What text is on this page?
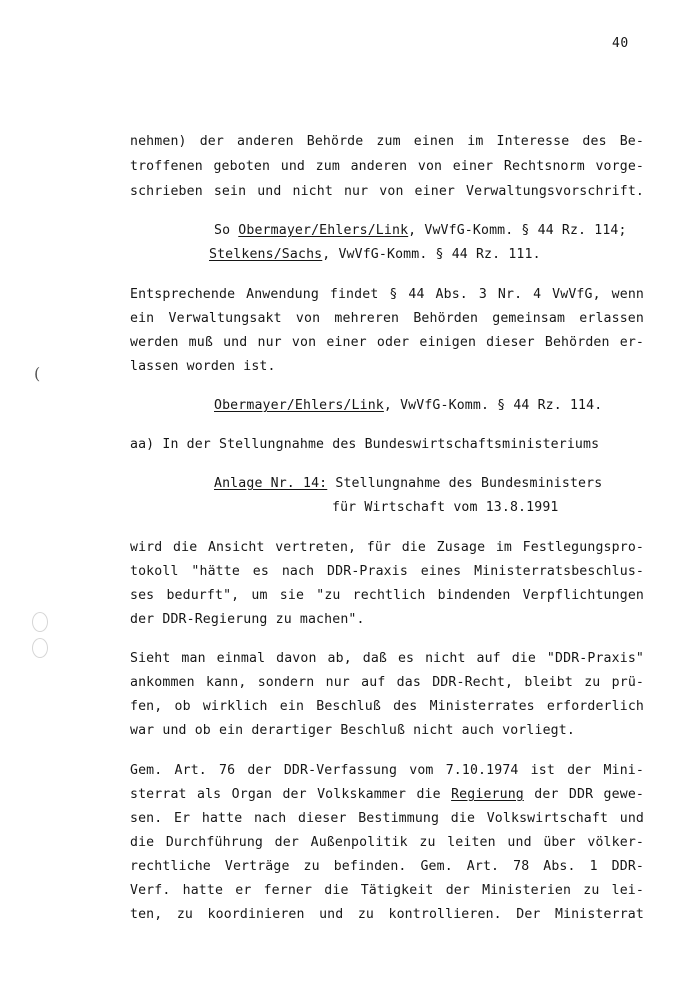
40
nehmen) der anderen Behörde zum einen im Interesse des Be-
troffenen geboten und zum anderen von einer Rechtsnorm vorge-
schrieben sein und nicht nur von einer Verwaltungsvorschrift.
So Obermayer/Ehlers/Link, VwVfG-Komm. § 44 Rz. 114;
Stelkens/Sachs, VwVfG-Komm. § 44 Rz. 111.
Entsprechende Anwendung findet § 44 Abs. 3 Nr. 4 VwVfG, wenn
ein Verwaltungsakt von mehreren Behörden gemeinsam erlassen
werden muß und nur von einer oder einigen dieser Behörden er-
lassen worden ist.
Obermayer/Ehlers/Link, VwVfG-Komm. § 44 Rz. 114.
aa) In der Stellungnahme des Bundeswirtschaftsministeriums
Anlage Nr. 14: Stellungnahme des Bundesministers
für Wirtschaft vom 13.8.1991
wird die Ansicht vertreten, für die Zusage im Festlegungspro-
tokoll "hätte es nach DDR-Praxis eines Ministerratsbeschlus-
ses bedurft", um sie "zu rechtlich bindenden Verpflichtungen
der DDR-Regierung zu machen".
Sieht man einmal davon ab, daß es nicht auf die "DDR-Praxis"
ankommen kann, sondern nur auf das DDR-Recht, bleibt zu prü-
fen, ob wirklich ein Beschluß des Ministerrates erforderlich
war und ob ein derartiger Beschluß nicht auch vorliegt.
Gem. Art. 76 der DDR-Verfassung vom 7.10.1974 ist der Mini-
sterrat als Organ der Volkskammer die Regierung der DDR gewe-
sen. Er hatte nach dieser Bestimmung die Volkswirtschaft und
die Durchführung der Außenpolitik zu leiten und über völker-
rechtliche Verträge zu befinden. Gem. Art. 78 Abs. 1 DDR-
Verf. hatte er ferner die Tätigkeit der Ministerien zu lei-
ten, zu koordinieren und zu kontrollieren. Der Ministerrat
(
